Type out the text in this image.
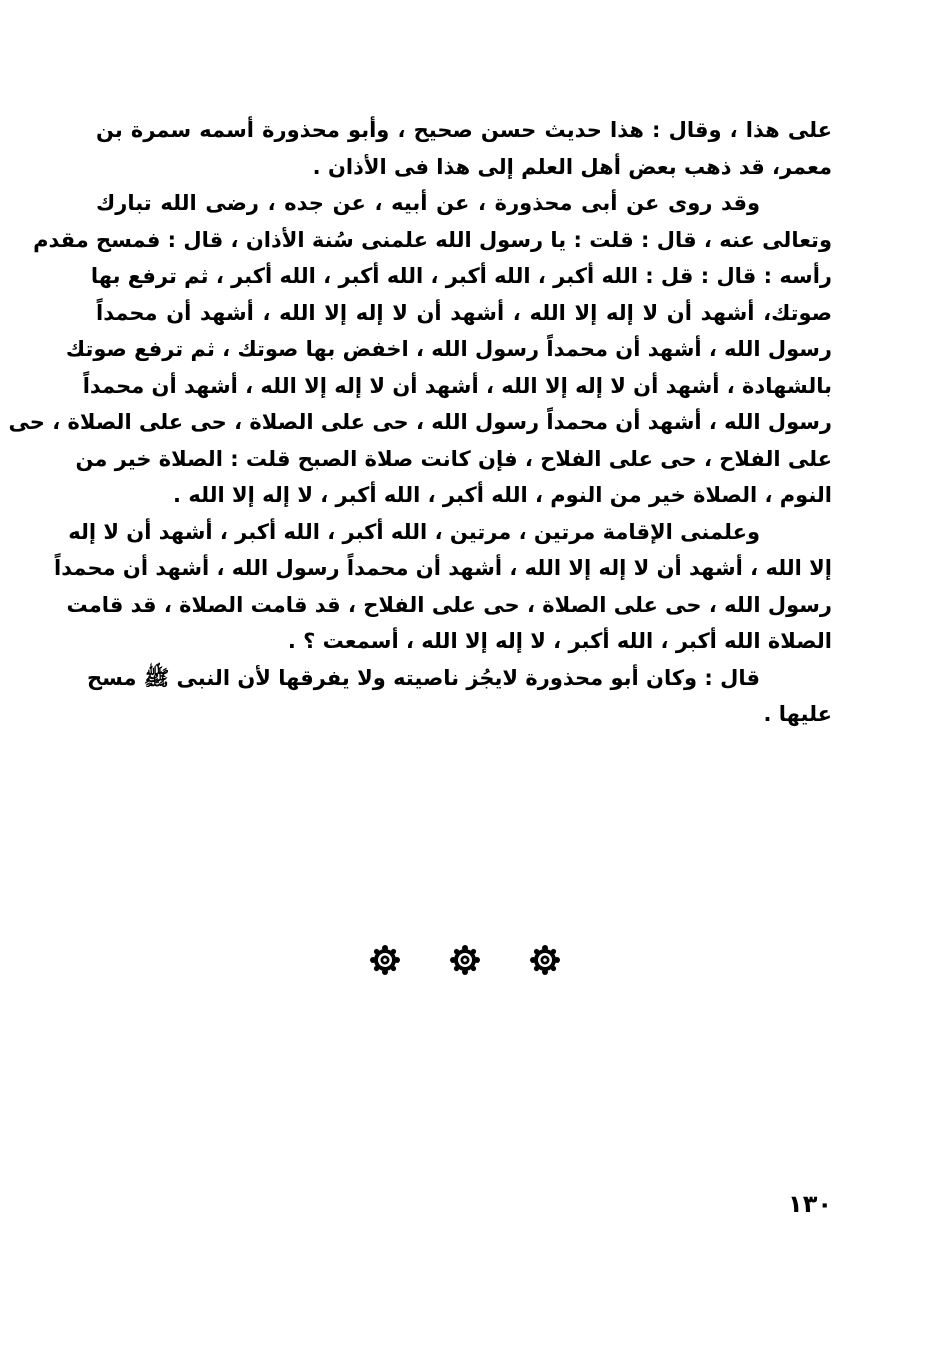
على هذا ، وقال : هذا حديث حسن صحيح ، وأبو محذورة أسمه سمرة بن
معمر، قد ذهب بعض أهل العلم إلى هذا فى الأذان .
وقد روى عن أبى محذورة ، عن أبيه ، عن جده ، رضى الله تبارك
وتعالى عنه ، قال : قلت : يا رسول الله علمنى سُنة الأذان ، قال : فمسح مقدم
رأسه : قال : قل : الله أكبر ، الله أكبر ، الله أكبر ، الله أكبر ، ثم ترفع بها
صوتك، أشهد أن لا إله إلا الله ، أشهد أن لا إله إلا الله ، أشهد أن محمداً
رسول الله ، أشهد أن محمداً رسول الله ، اخفض بها صوتك ، ثم ترفع صوتك
بالشهادة ، أشهد أن لا إله إلا الله ، أشهد أن لا إله إلا الله ، أشهد أن محمداً
رسول الله ، أشهد أن محمداً رسول الله ، حى على الصلاة ، حى على الصلاة ، حى
على الفلاح ، حى على الفلاح ، فإن كانت صلاة الصبح قلت : الصلاة خير من
النوم ، الصلاة خير من النوم ، الله أكبر ، الله أكبر ، لا إله إلا الله .
وعلمنى الإقامة مرتين ، مرتين ، الله أكبر ، الله أكبر ، أشهد أن لا إله
إلا الله ، أشهد أن لا إله إلا الله ، أشهد أن محمداً رسول الله ، أشهد أن محمداً
رسول الله ، حى على الصلاة ، حى على الفلاح ، قد قامت الصلاة ، قد قامت
الصلاة الله أكبر ، الله أكبر ، لا إله إلا الله ، أسمعت ؟ .
قال : وكان أبو محذورة لايجُز ناصيته ولا يفرقها لأن النبى ﷺ مسح
عليها .
١٣٠
